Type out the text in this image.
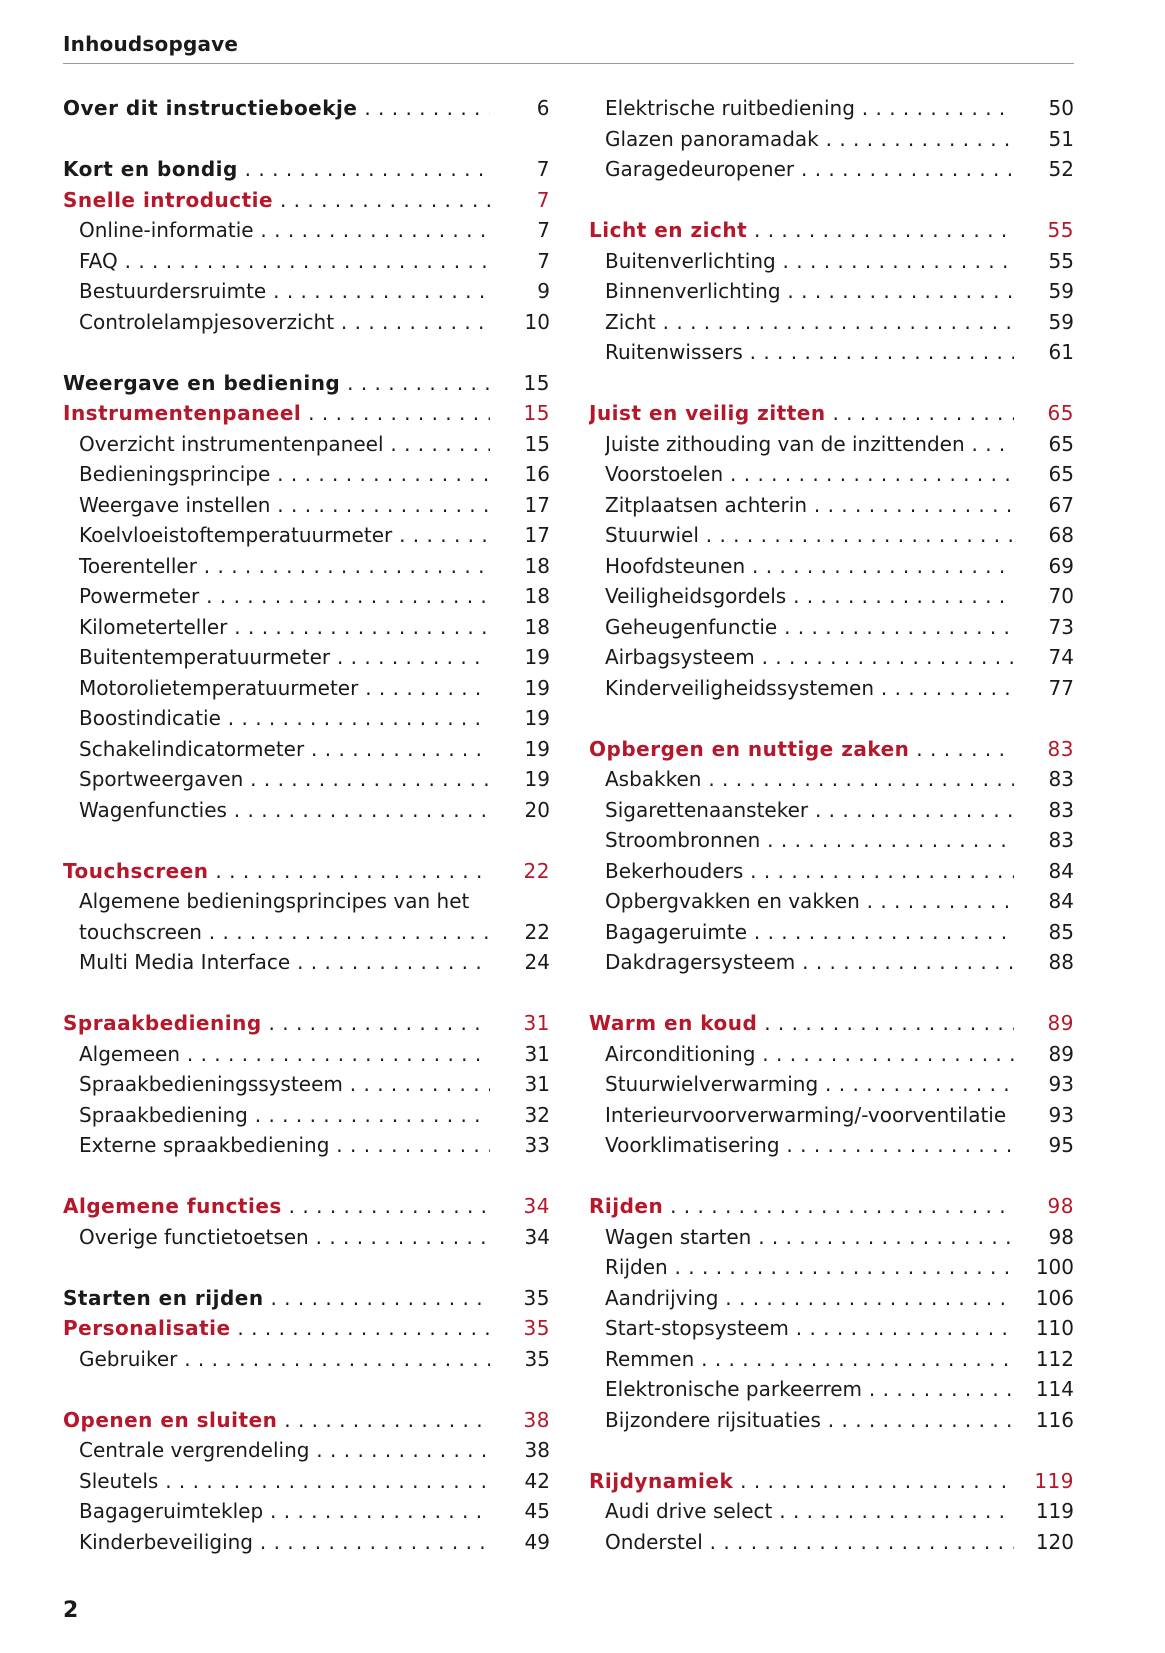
Inhoudsopgave
Over dit instructieboekje . . .	6
Kort en bondig . . .	7
Snelle introductie . . .	7
Online-informatie . . .	7
FAQ . . .	7
Bestuurdersruimte . . .	9
Controlelampjesoverzicht . . .	10
Weergave en bediening . . .	15
Instrumentenpaneel . . .	15
Overzicht instrumentenpaneel . . .	15
Bedieningsprincipe . . .	16
Weergave instellen . . .	17
Koelvloeistoftemperatuurmeter . . .	17
Toerenteller . . .	18
Powermeter . . .	18
Kilometerteller . . .	18
Buitentemperatuurmeter . . .	19
Motorolietemperatuurmeter . . .	19
Boostindicatie . . .	19
Schakelindicatormeter . . .	19
Sportweergaven . . .	19
Wagenfuncties . . .	20
Touchscreen . . .	22
Algemene bedieningsprincipes van het
touchscreen . . .	22
Multi Media Interface . . .	24
Spraakbediening . . .	31
Algemeen . . .	31
Spraakbedieningssysteem . . .	31
Spraakbediening . . .	32
Externe spraakbediening . . .	33
Algemene functies . . .	34
Overige functietoetsen . . .	34
Starten en rijden . . .	35
Personalisatie . . .	35
Gebruiker . . .	35
Openen en sluiten . . .	38
Centrale vergrendeling . . .	38
Sleutels . . .	42
Bagageruimteklep . . .	45
Kinderbeveiliging . . .	49
Elektrische ruitbediening . . .	50
Glazen panoramadak . . .	51
Garagedeuropener . . .	52
Licht en zicht . . .	55
Buitenverlichting . . .	55
Binnenverlichting . . .	59
Zicht . . .	59
Ruitenwissers . . .	61
Juist en veilig zitten . . .	65
Juiste zithouding van de inzittenden . . .	65
Voorstoelen . . .	65
Zitplaatsen achterin . . .	67
Stuurwiel . . .	68
Hoofdsteunen . . .	69
Veiligheidsgordels . . .	70
Geheugenfunctie . . .	73
Airbagsysteem . . .	74
Kinderveiligheidssystemen . . .	77
Opbergen en nuttige zaken . . .	83
Asbakken . . .	83
Sigarettenaansteker . . .	83
Stroombronnen . . .	83
Bekerhouders . . .	84
Opbergvakken en vakken . . .	84
Bagageruimte . . .	85
Dakdragersysteem . . .	88
Warm en koud . . .	89
Airconditioning . . .	89
Stuurwielverwarming . . .	93
Interieurvoorverwarming/-voorventilatie . . .	93
Voorklimatisering . . .	95
Rijden . . .	98
Wagen starten . . .	98
Rijden . . .	100
Aandrijving . . .	106
Start-stopsysteem . . .	110
Remmen . . .	112
Elektronische parkeerrem . . .	114
Bijzondere rijsituaties . . .	116
Rijdynamiek . . .	119
Audi drive select . . .	119
Onderstel . . .	120
2
